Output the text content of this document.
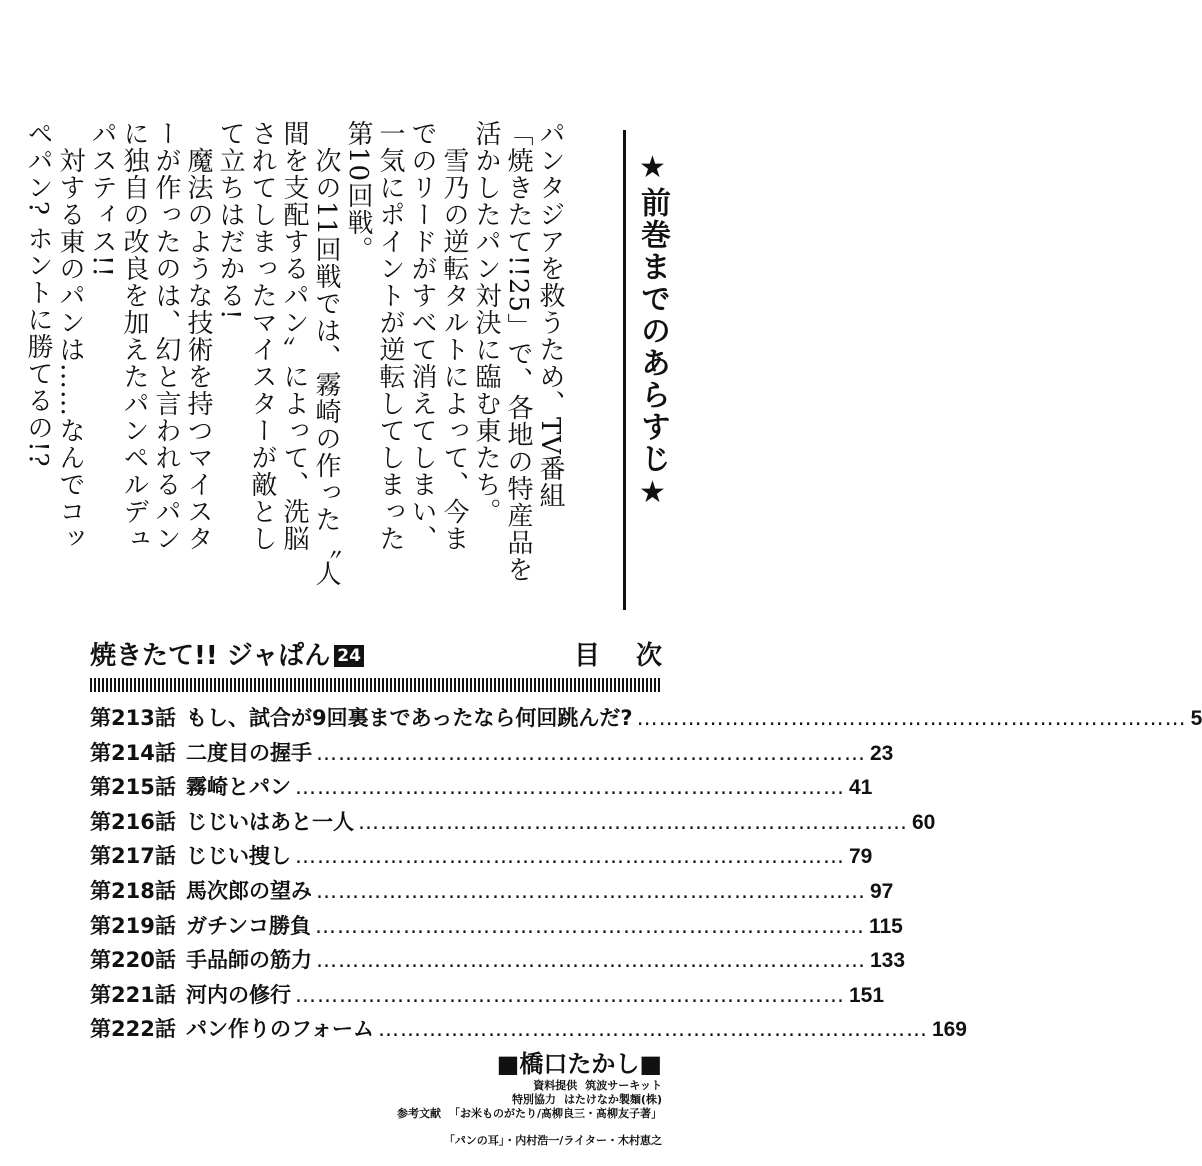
★前巻までのあらすじ★

パンタジアを救うため、TV番組

「焼きたて!!25」で、各地の特産品を

活かしたパン対決に臨む東たち。

　雪乃の逆転タルトによって、今ま

でのリードがすべて消えてしまい、

一気にポイントが逆転してしまった

第10回戦。

　次の11回戦では、霧崎の作った〝人

間を支配するパン〟によって、洗脳

されてしまったマイスターが敵とし

て立ちはだかる!

　魔法のような技術を持つマイスタ

ーが作ったのは、幻と言われるパン

に独自の改良を加えたパンペルデュ

パスティス!!

　対する東のパンは……なんでコッ

ペパン? ホントに勝てるの!?

焼きたて!! ジャぱん 24	目次
第213話 もし、試合が9回裏まであったなら何回跳んだ? ………………………………………………………………… 5
第214話 二度目の握手 ………………………………………………………………… 23
第215話 霧崎とパン ………………………………………………………………… 41
第216話 じじいはあと一人 ………………………………………………………………… 60
第217話 じじい捜し ………………………………………………………………… 79
第218話 馬次郎の望み ………………………………………………………………… 97
第219話 ガチンコ勝負 ………………………………………………………………… 115
第220話 手品師の筋力 ………………………………………………………………… 133
第221話 河内の修行 ………………………………………………………………… 151
第222話 パン作りのフォーム ………………………………………………………………… 169
■橋口たかし■
資料提供 筑波サーキット
特別協力 はたけなか製麺(株)
参考文献 「お米ものがたり/髙柳良三・髙柳友子著」
「パンの耳」・内村浩一/ライター・木村恵之
